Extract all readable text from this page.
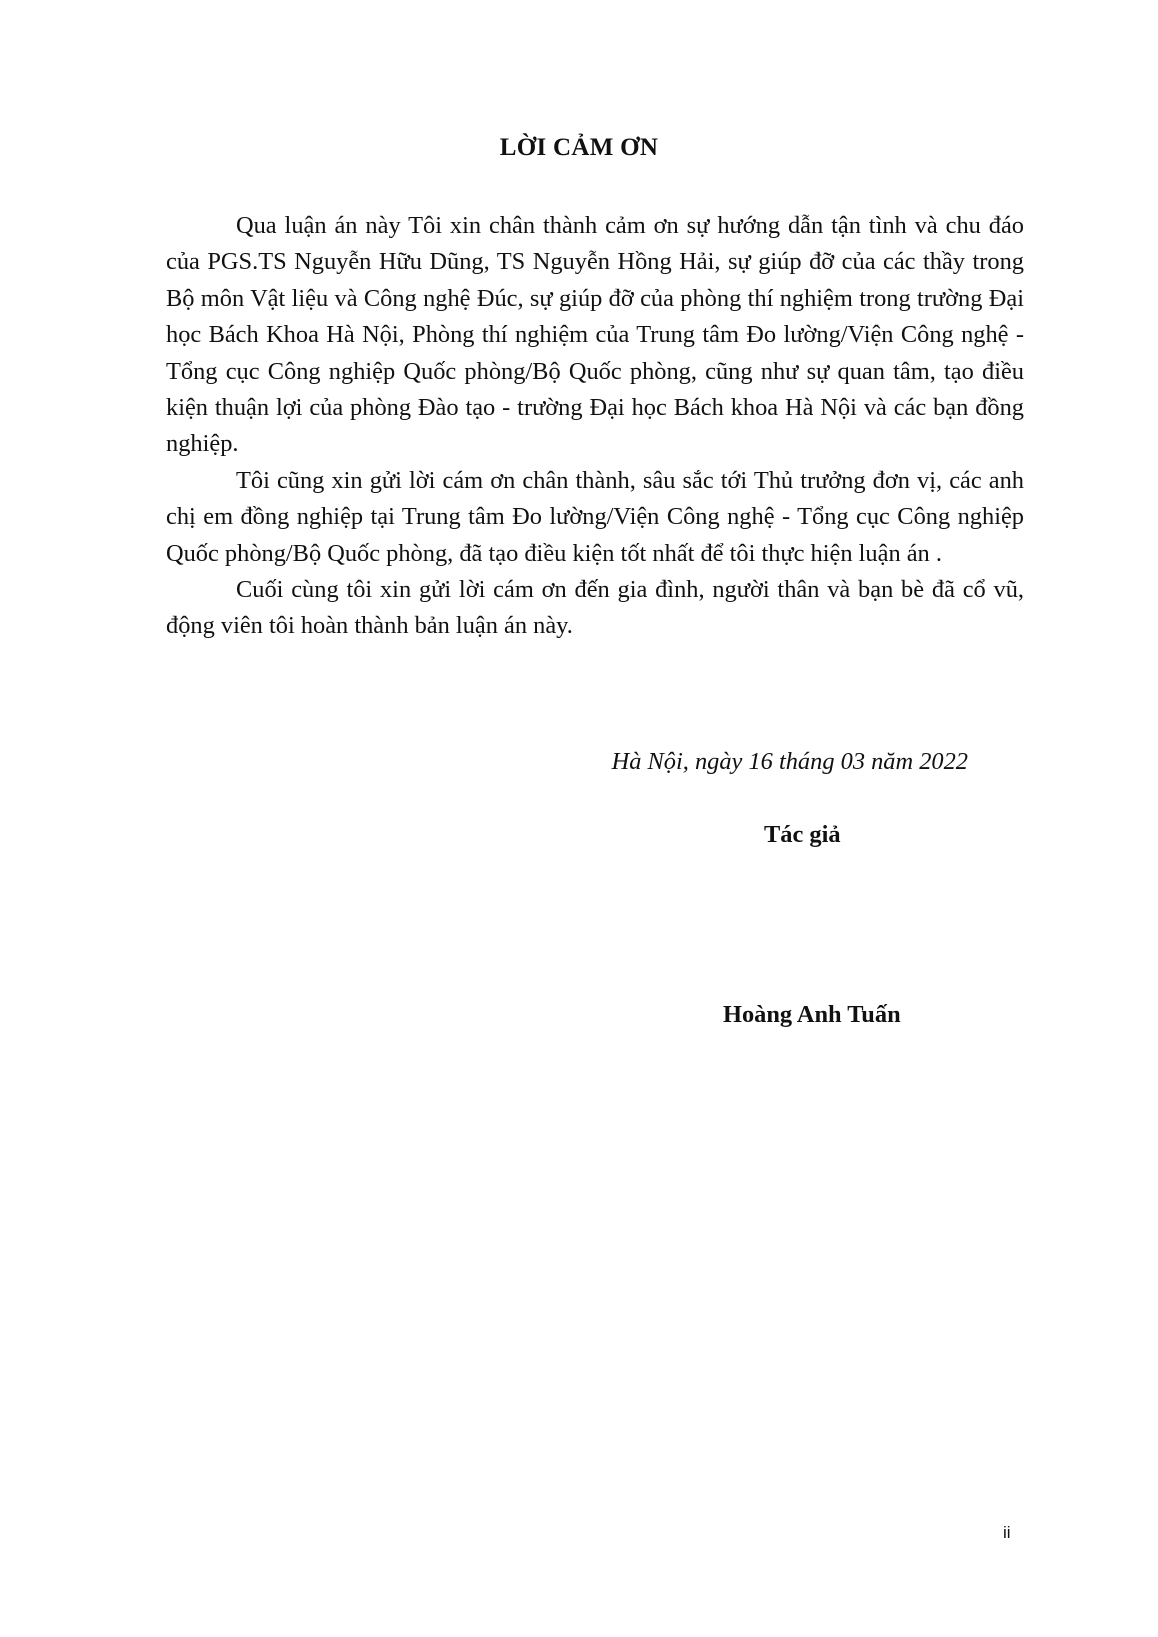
LỜI CẢM ƠN

Qua luận án này Tôi xin chân thành cảm ơn sự hướng dẫn tận tình và chu đáo của PGS.TS Nguyễn Hữu Dũng, TS Nguyễn Hồng Hải, sự giúp đỡ của các thầy trong Bộ môn Vật liệu và Công nghệ Đúc, sự giúp đỡ của phòng thí nghiệm trong trường Đại học Bách Khoa Hà Nội, Phòng thí nghiệm của Trung tâm Đo lường/Viện Công nghệ - Tổng cục Công nghiệp Quốc phòng/Bộ Quốc phòng, cũng như sự quan tâm, tạo điều kiện thuận lợi của phòng Đào tạo - trường Đại học Bách khoa Hà Nội và các bạn đồng nghiệp.

Tôi cũng xin gửi lời cám ơn chân thành, sâu sắc tới Thủ trưởng đơn vị, các anh chị em đồng nghiệp tại Trung tâm Đo lường/Viện Công nghệ - Tổng cục Công nghiệp Quốc phòng/Bộ Quốc phòng, đã tạo điều kiện tốt nhất để tôi thực hiện luận án .

Cuối cùng tôi xin gửi lời cám ơn đến gia đình, người thân và bạn bè đã cổ vũ, động viên tôi hoàn thành bản luận án này.

Hà Nội, ngày 16 tháng 03 năm 2022
Tác giả
Hoàng Anh Tuấn
ii
